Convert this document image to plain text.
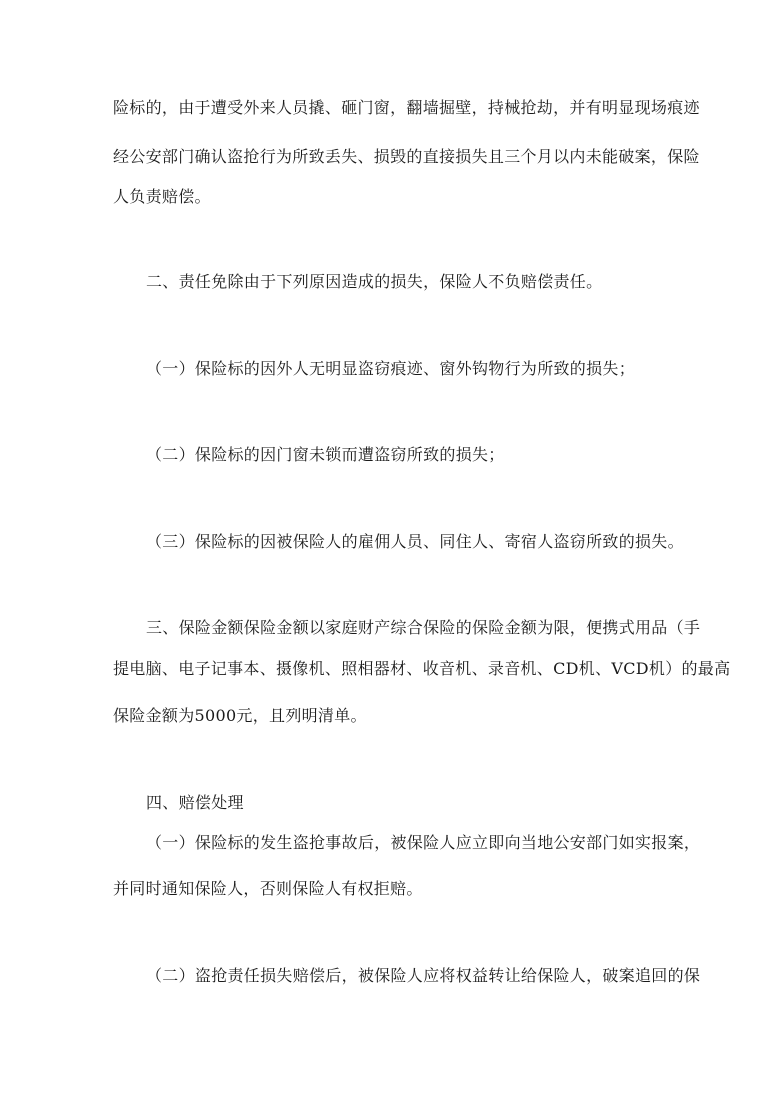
险标的，由于遭受外来人员撬、砸门窗，翻墙掘壁，持械抢劫，并有明显现场痕迹
经公安部门确认盗抢行为所致丢失、损毁的直接损失且三个月以内未能破案，保险
人负责赔偿。
二、责任免除由于下列原因造成的损失，保险人不负赔偿责任。
（一）保险标的因外人无明显盗窃痕迹、窗外钩物行为所致的损失；
（二）保险标的因门窗未锁而遭盗窃所致的损失；
（三）保险标的因被保险人的雇佣人员、同住人、寄宿人盗窃所致的损失。
三、保险金额保险金额以家庭财产综合保险的保险金额为限，便携式用品（手
提电脑、电子记事本、摄像机、照相器材、收音机、录音机、CD机、VCD机）的最高
保险金额为5000元，且列明清单。
四、赔偿处理
（一）保险标的发生盗抢事故后，被保险人应立即向当地公安部门如实报案，
并同时通知保险人，否则保险人有权拒赔。
（二）盗抢责任损失赔偿后，被保险人应将权益转让给保险人，破案追回的保
